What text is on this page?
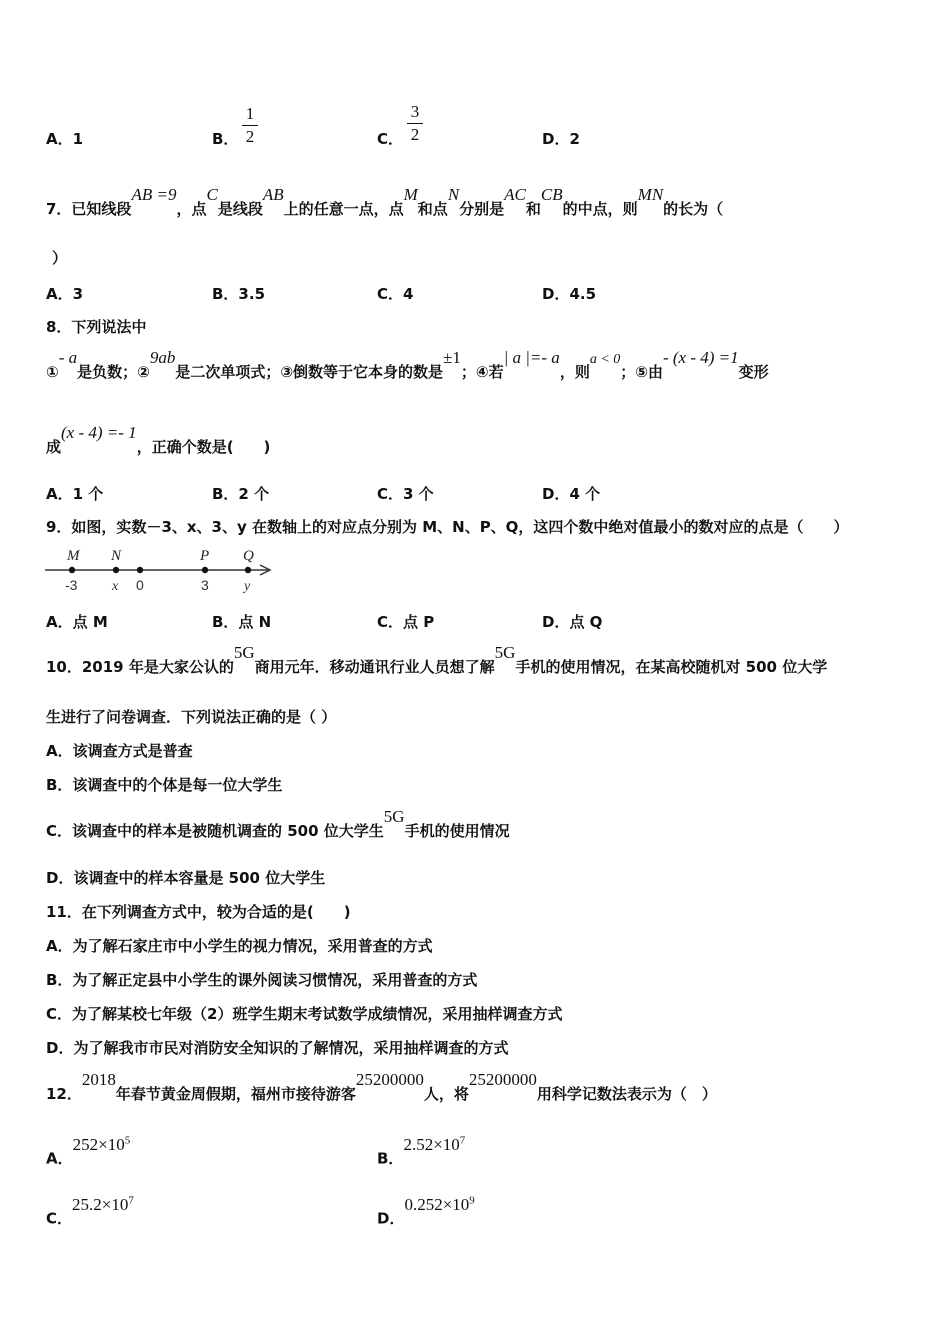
A．1	B．
1
2	C．
3
2	D．2
7．已知线段AB =9，点C是线段AB上的任意一点，点M和点N分别是AC和CB的中点，则MN的长为（
）
A．3	B．3.5	C．4	D．4.5
8．下列说法中
①- a是负数；②9ab是二次单项式；③倒数等于它本身的数是±1；④若| a |=- a，则a < 0；⑤由- (x - 4) =1变形
成(x - 4) =- 1，正确个数是(　　)
A．1 个	B．2 个	C．3 个	D．4 个
9．如图，实数－3、x、3、y 在数轴上的对应点分别为 M、N、P、Q，这四个数中绝对值最小的数对应的点是（　　）
M N	P Q
-3 x 0	3	y
A．点 M	B．点 N	C．点 P	D．点 Q
10．2019 年是大家公认的5G商用元年．移动通讯行业人员想了解5G手机的使用情况，在某高校随机对 500 位大学
生进行了问卷调查．下列说法正确的是（ ）
A．该调查方式是普查
B．该调查中的个体是每一位大学生
C．该调查中的样本是被随机调查的 500 位大学生5G手机的使用情况
D．该调查中的样本容量是 500 位大学生
11．在下列调查方式中，较为合适的是(　　)
A．为了解石家庄市中小学生的视力情况，采用普查的方式
B．为了解正定县中小学生的课外阅读习惯情况，采用普查的方式
C．为了解某校七年级（2）班学生期末考试数学成绩情况，采用抽样调查方式
D．为了解我市市民对消防安全知识的了解情况，采用抽样调查的方式
12．2018年春节黄金周假期，福州市接待游客25200000人，将25200000用科学记数法表示为（　）
A．$252\times 10^5$
B．$2.52\times 10^7$
C．$25.2\times 10^7$
D．$0.252\times 10^9$
